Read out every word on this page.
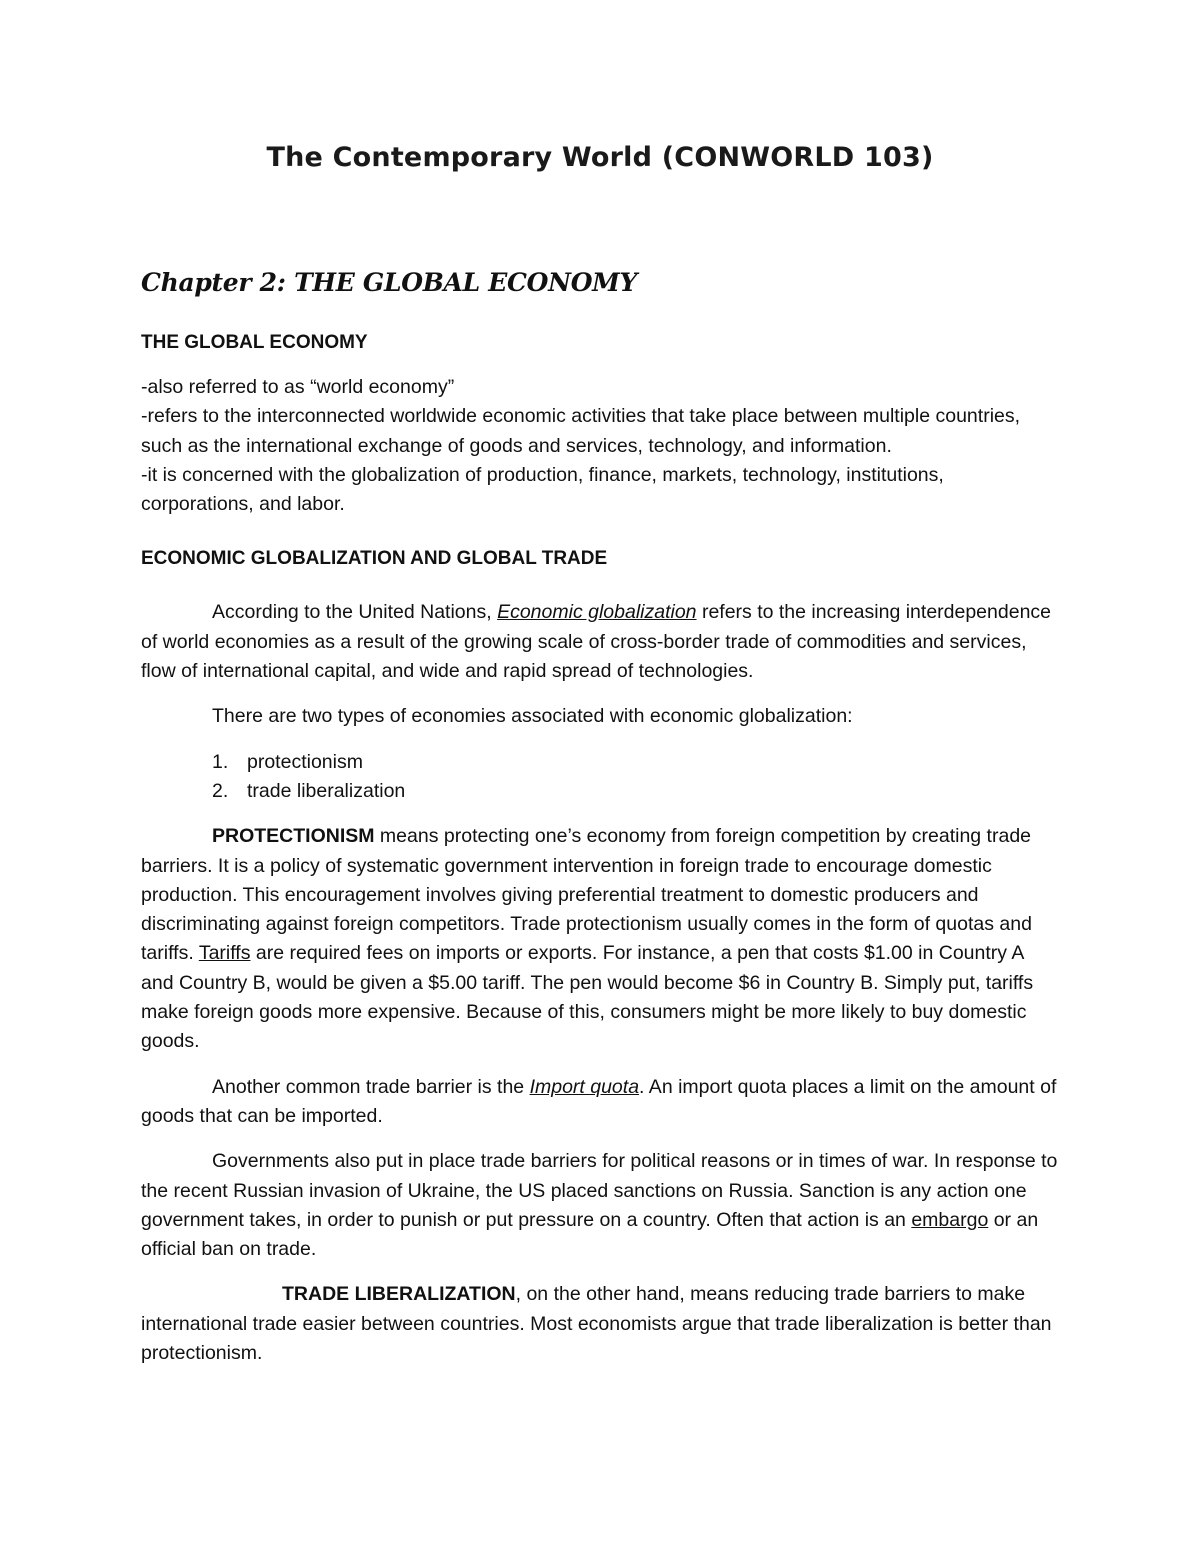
The Contemporary World (CONWORLD 103)
Chapter 2: THE GLOBAL ECONOMY
THE GLOBAL ECONOMY

-also referred to as “world economy”

-refers to the interconnected worldwide economic activities that take place between multiple countries, such as the international exchange of goods and services, technology, and information.

-it is concerned with the globalization of production, finance, markets, technology, institutions, corporations, and labor.

ECONOMIC GLOBALIZATION AND GLOBAL TRADE

According to the United Nations, Economic globalization refers to the increasing interdependence of world economies as a result of the growing scale of cross-border trade of commodities and services, flow of international capital, and wide and rapid spread of technologies.

There are two types of economies associated with economic globalization:

1. protectionism
2. trade liberalization

PROTECTIONISM means protecting one’s economy from foreign competition by creating trade barriers. It is a policy of systematic government intervention in foreign trade to encourage domestic production. This encouragement involves giving preferential treatment to domestic producers and discriminating against foreign competitors. Trade protectionism usually comes in the form of quotas and tariffs. Tariffs are required fees on imports or exports. For instance, a pen that costs $1.00 in Country A and Country B, would be given a $5.00 tariff. The pen would become $6 in Country B. Simply put, tariffs make foreign goods more expensive. Because of this, consumers might be more likely to buy domestic goods.

Another common trade barrier is the Import quota. An import quota places a limit on the amount of goods that can be imported.

Governments also put in place trade barriers for political reasons or in times of war. In response to the recent Russian invasion of Ukraine, the US placed sanctions on Russia. Sanction is any action one government takes, in order to punish or put pressure on a country. Often that action is an embargo or an official ban on trade.

TRADE LIBERALIZATION, on the other hand, means reducing trade barriers to make international trade easier between countries. Most economists argue that trade liberalization is better than protectionism.
